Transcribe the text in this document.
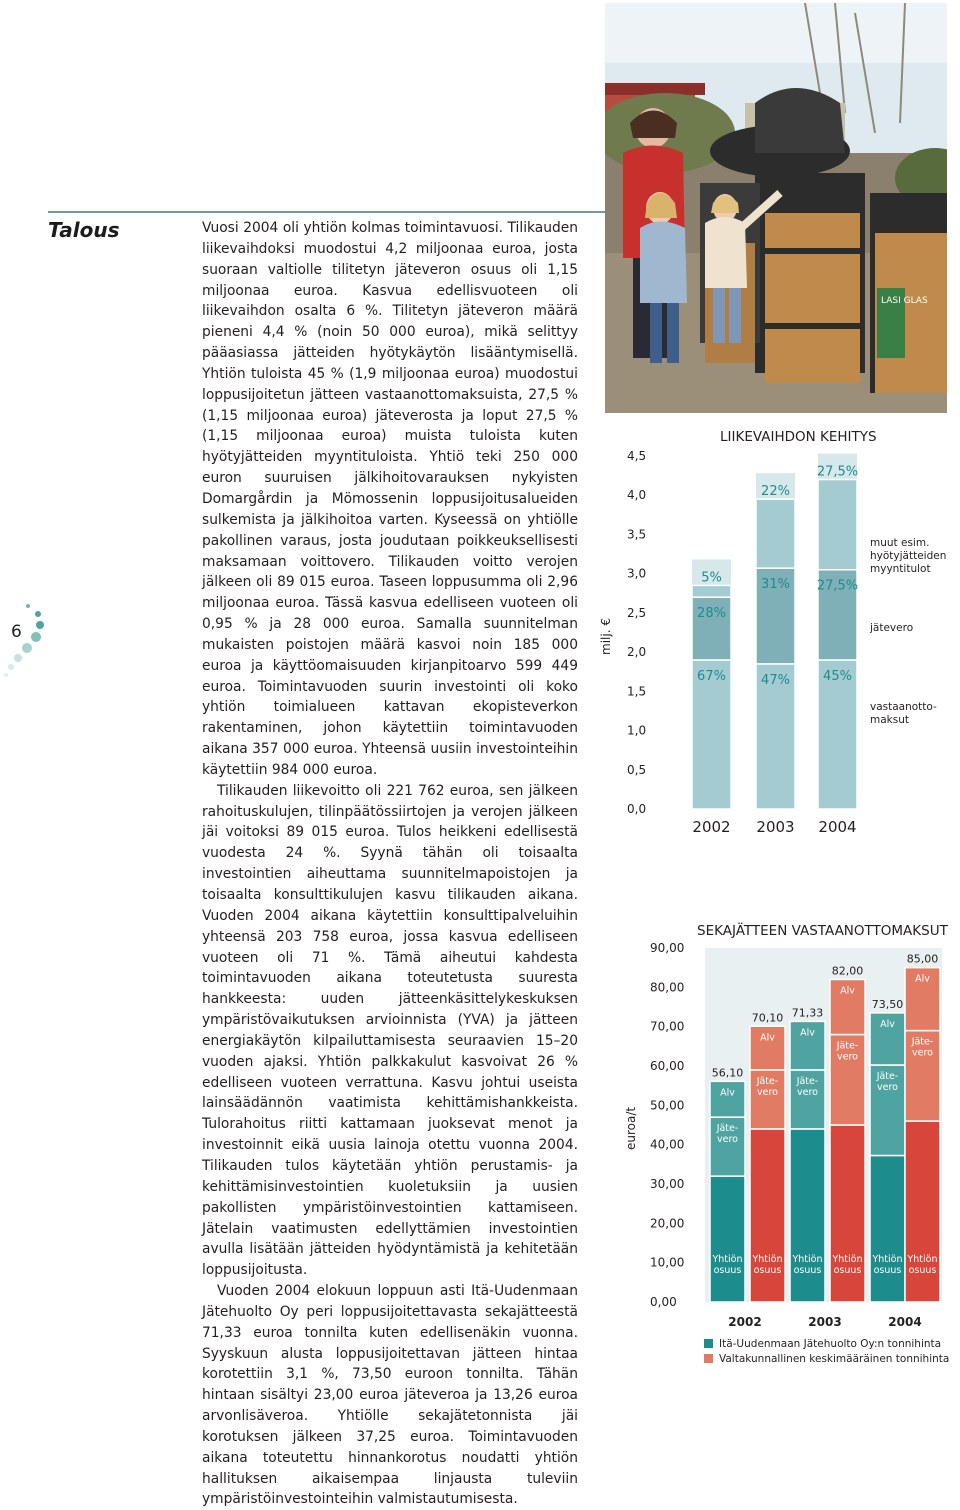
Talous
6

Vuosi 2004 oli yhtiön kolmas toimintavuosi. Tilikauden liikevaihdoksi muodostui 4,2 miljoonaa euroa, josta suoraan valtiolle tilitetyn jäteveron osuus oli 1,15 miljoonaa euroa. Kasvua edellisvuoteen oli liikevaihdon osalta 6 %. Tilitetyn jäteveron määrä pieneni 4,4 % (noin 50 000 euroa), mikä selittyy pääasiassa jätteiden hyötykäytön lisääntymisellä. Yhtiön tuloista 45 % (1,9 miljoonaa euroa) muodostui loppusijoitetun jätteen vastaanottomaksuista, 27,5 % (1,15 miljoonaa euroa) jäteverosta ja loput 27,5 % (1,15 miljoonaa euroa) muista tuloista kuten hyötyjätteiden myyntituloista. Yhtiö teki 250 000 euron suuruisen jälkihoitovarauksen nykyisten Domargårdin ja Mömossenin loppusijoitusalueiden sulkemista ja jälkihoitoa varten. Kyseessä on yhtiölle pakollinen varaus, josta joudutaan poikkeuksellisesti maksamaan voittovero. Tilikauden voitto verojen jälkeen oli 89 015 euroa. Taseen loppusumma oli 2,96 miljoonaa euroa. Tässä kasvua edelliseen vuoteen oli 0,95 % ja 28 000 euroa. Samalla suunnitelman mukaisten poistojen määrä kasvoi noin 185 000 euroa ja käyttöomaisuuden kirjanpitoarvo 599 449 euroa. Toimintavuoden suurin investointi oli koko yhtiön toimialueen kattavan ekopisteverkon rakentaminen, johon käytettiin toimintavuoden aikana 357 000 euroa. Yhteensä uusiin investointeihin käytettiin 984 000 euroa.

Tilikauden liikevoitto oli 221 762 euroa, sen jälkeen rahoituskulujen, tilinpäätössiirtojen ja verojen jälkeen jäi voitoksi 89 015 euroa. Tulos heikkeni edellisestä vuodesta 24 %. Syynä tähän oli toisaalta investointien aiheuttama suunnitelmapoistojen ja toisaalta konsulttikulujen kasvu tilikauden aikana. Vuoden 2004 aikana käytettiin konsulttipalveluihin yhteensä 203 758 euroa, jossa kasvua edelliseen vuoteen oli 71 %. Tämä aiheutui kahdesta toimintavuoden aikana toteutetusta suuresta hankkeesta: uuden jätteenkäsittelykeskuksen ympäristövaikutuksen arvioinnista (YVA) ja jätteen energiakäytön kilpailuttamisesta seuraavien 15–20 vuoden ajaksi. Yhtiön palkkakulut kasvoivat 26 % edelliseen vuoteen verrattuna. Kasvu johtui useista lainsäädännön vaatimista kehittämishankkeista. Tulorahoitus riitti kattamaan juoksevat menot ja investoinnit eikä uusia lainoja otettu vuonna 2004. Tilikauden tulos käytetään yhtiön perustamis- ja kehittämisinvestointien kuoletuksiin ja uusien pakollisten ympäristöinvestointien kattamiseen. Jätelain vaatimusten edellyttämien investointien avulla lisätään jätteiden hyödyntämistä ja kehitetään loppusijoitusta.

Vuoden 2004 elokuun loppuun asti Itä-Uudenmaan Jätehuolto Oy peri loppusijoitettavasta sekajätteestä 71,33 euroa tonnilta kuten edellisenäkin vuonna. Syyskuun alusta loppusijoitettavan jätteen hintaa korotettiin 3,1 %, 73,50 euroon tonnilta. Tähän hintaan sisältyi 23,00 euroa jäteveroa ja 13,26 euroa arvonlisäveroa. Yhtiölle sekajätetonnista jäi korotuksen jälkeen 37,25 euroa. Toimintavuoden aikana toteutettu hinnankorotus noudatti yhtiön hallituksen aikaisempaa linjausta tuleviin ympäristöinvestointeihin valmistautumisesta.

LASI GLAS
0,0
0,5
1,0
1,5
2,0
2,5
3,0
3,5
4,0
4,5
67%
28%
5%
2002
47%
31%
22%
2003
45%
27,5%
27,5%
2004
LIIKEVAIHDON KEHITYS
milj. €
muut esim.
hyötyjätteiden
myyntitulot
jätevero
vastaanotto-
maksut
0,00
10,00
20,00
30,00
40,00
50,00
60,00
70,00
80,00
90,00
Yhtiön
osuus
Jäte-
vero
Alv
56,10
Yhtiön
osuus
Jäte-
vero
Alv
70,10
Yhtiön
osuus
Jäte-
vero
Alv
71,33
Yhtiön
osuus
Jäte-
vero
Alv
82,00
Yhtiön
osuus
Jäte-
vero
Alv
73,50
Yhtiön
osuus
Jäte-
vero
Alv
85,00
2002	2003	2004
SEKAJÄTTEEN VASTAANOTTOMAKSUT
euroa/t
Itä-Uudenmaan Jätehuolto Oy:n tonnihinta
Valtakunnallinen keskimääräinen tonnihinta
